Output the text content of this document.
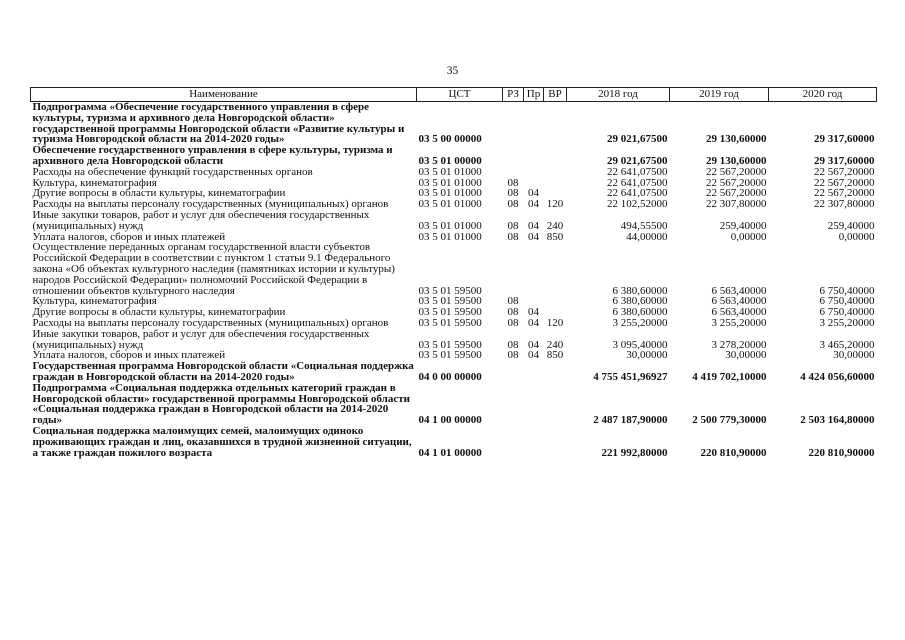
35
Наименование	ЦСТ	РЗ	Пр	ВР	2018 год	2019 год	2020 год
Подпрограмма «Обеспечение государственного управления в сфере культуры, туризма и архивного дела Новгородской области» государственной программы Новгородской области «Развитие культуры и туризма Новгородской области на 2014-2020 годы»	03 5 00 00000				29 021,67500	29 130,60000	29 317,60000
Обеспечение государственного управления в сфере культуры, туризма и архивного дела Новгородской области	03 5 01 00000				29 021,67500	29 130,60000	29 317,60000
Расходы на обеспечение функций государственных органов	03 5 01 01000				22 641,07500	22 567,20000	22 567,20000
Культура, кинематография	03 5 01 01000	08			22 641,07500	22 567,20000	22 567,20000
Другие вопросы в области культуры, кинематографии	03 5 01 01000	08	04		22 641,07500	22 567,20000	22 567,20000
Расходы на выплаты персоналу государственных (муниципальных) органов	03 5 01 01000	08	04	120	22 102,52000	22 307,80000	22 307,80000
Иные закупки товаров, работ и услуг для обеспечения государственных (муниципальных) нужд	03 5 01 01000	08	04	240	494,55500	259,40000	259,40000
Уплата налогов, сборов и иных платежей	03 5 01 01000	08	04	850	44,00000	0,00000	0,00000
Осуществление переданных органам государственной власти субъектов Российской Федерации в соответствии с пунктом 1 статьи 9.1 Федерального закона «Об объектах культурного наследия (памятниках истории и культуры) народов Российской Федерации» полномочий Российской Федерации в отношении объектов культурного наследия	03 5 01 59500				6 380,60000	6 563,40000	6 750,40000
Культура, кинематография	03 5 01 59500	08			6 380,60000	6 563,40000	6 750,40000
Другие вопросы в области культуры, кинематографии	03 5 01 59500	08	04		6 380,60000	6 563,40000	6 750,40000
Расходы на выплаты персоналу государственных (муниципальных) органов	03 5 01 59500	08	04	120	3 255,20000	3 255,20000	3 255,20000
Иные закупки товаров, работ и услуг для обеспечения государственных (муниципальных) нужд	03 5 01 59500	08	04	240	3 095,40000	3 278,20000	3 465,20000
Уплата налогов, сборов и иных платежей	03 5 01 59500	08	04	850	30,00000	30,00000	30,00000
Государственная программа Новгородской области «Социальная поддержка граждан в Новгородской области на 2014-2020 годы»	04 0 00 00000				4 755 451,96927	4 419 702,10000	4 424 056,60000
Подпрограмма «Социальная поддержка отдельных категорий граждан в Новгородской области» государственной программы Новгородской области «Социальная поддержка граждан в Новгородской области на 2014-2020 годы»	04 1 00 00000				2 487 187,90000	2 500 779,30000	2 503 164,80000
Социальная поддержка малоимущих семей, малоимущих одиноко проживающих граждан и лиц, оказавшихся в трудной жизненной ситуации, а также граждан пожилого возраста	04 1 01 00000				221 992,80000	220 810,90000	220 810,90000
